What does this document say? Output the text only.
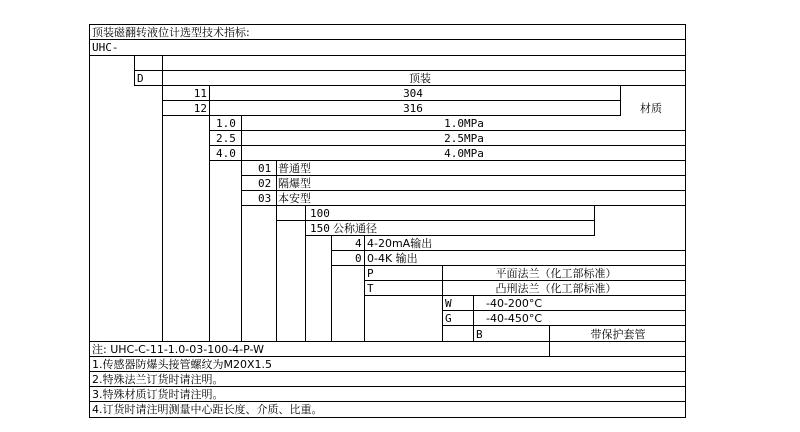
顶装磁翻转液位计选型技术指标:
UHC-
D	顶装
11	304
12	316	材质
1.0	1.0MPa
2.5	2.5MPa
4.0	4.0MPa
01 普通型
02 隔爆型
03 本安型
100
150 公称通径
4 4-20mA输出
0 0-4K 输出
P	平面法兰（化工部标准）
T	凸刑法兰（化工部标准）
W	-40-200°C
G	-40-450°C
B	带保护套管
注: UHC-C-11-1.0-03-100-4-P-W
1.传感器防爆头接管螺纹为M20X1.5
2.特殊法兰订货时请注明。
3.特殊材质订货时请注明。
4.订货时请注明测量中心距长度、介质、比重。
